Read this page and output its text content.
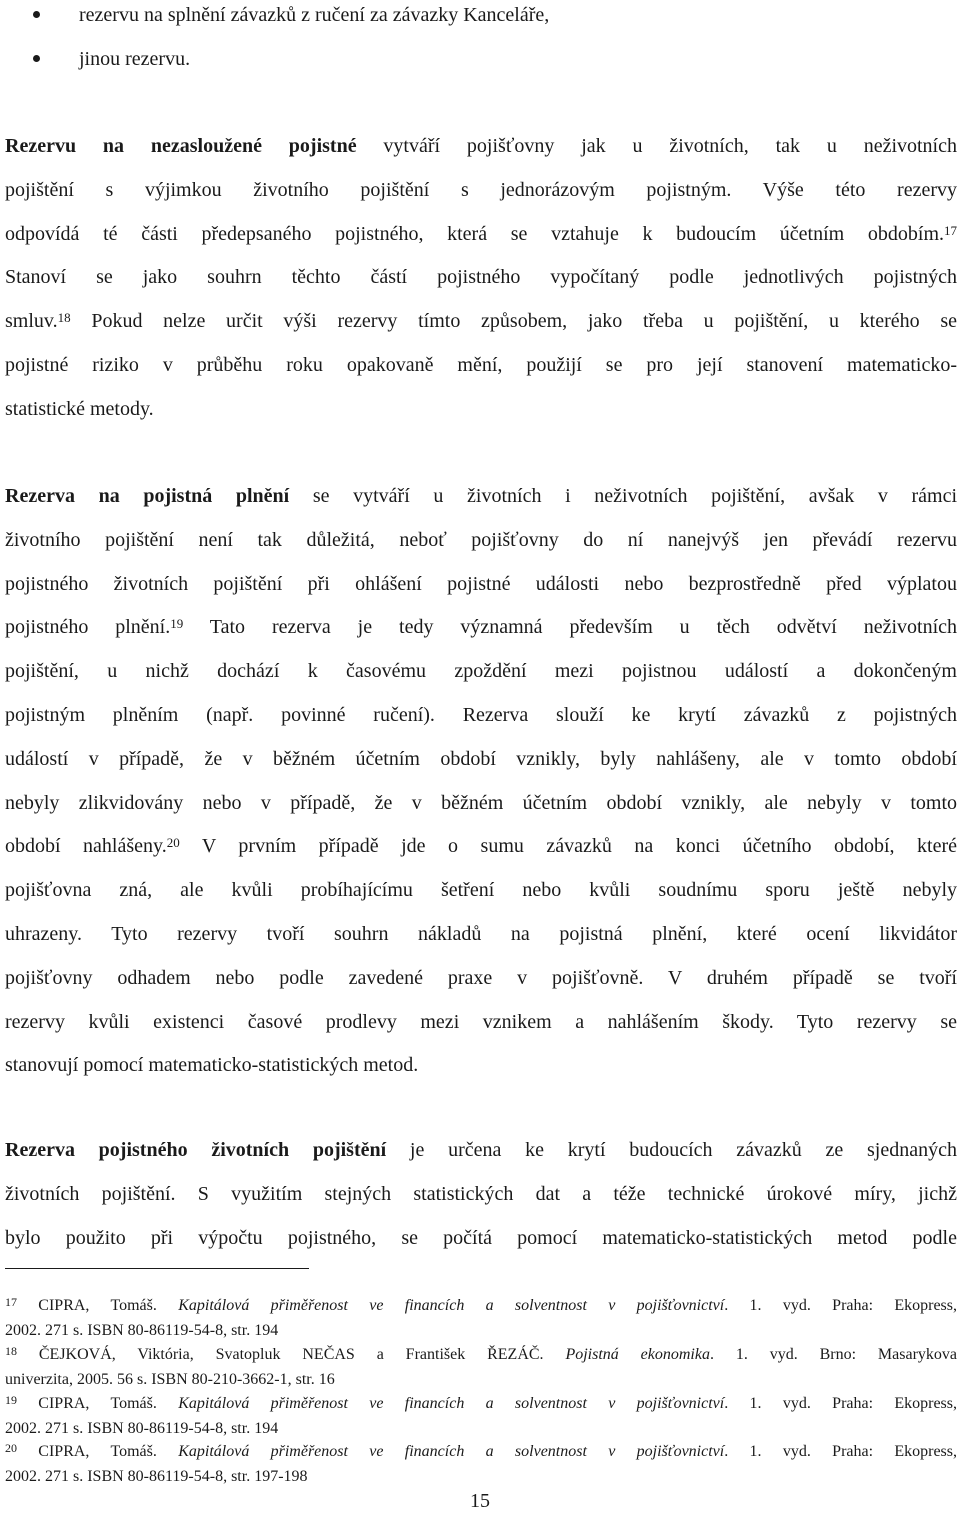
rezervu na splnění závazků z ručení za závazky Kanceláře,
jinou rezervu.
Rezervu na nezasloužené pojistné vytváří pojišťovny jak u životních, tak u neživotních
pojištění s výjimkou životního pojištění s jednorázovým pojistným. Výše této rezervy
odpovídá té části předepsaného pojistného, která se vztahuje k budoucím účetním obdobím.$^{17}$
Stanoví se jako souhrn těchto částí pojistného vypočítaný podle jednotlivých pojistných
smluv.$^{18}$ Pokud nelze určit výši rezervy tímto způsobem, jako třeba u pojištění, u kterého se
pojistné riziko v průběhu roku opakovaně mění, použijí se pro její stanovení matematicko-
statistické metody.
Rezerva na pojistná plnění se vytváří u životních i neživotních pojištění, avšak v rámci
životního pojištění není tak důležitá, neboť pojišťovny do ní nanejvýš jen převádí rezervu
pojistného životních pojištění při ohlášení pojistné události nebo bezprostředně před výplatou
pojistného plnění.$^{19}$ Tato rezerva je tedy významná především u těch odvětví neživotních
pojištění, u nichž dochází k časovému zpoždění mezi pojistnou událostí a dokončeným
pojistným plněním (např. povinné ručení). Rezerva slouží ke krytí závazků z pojistných
událostí v případě, že v běžném účetním období vznikly, byly nahlášeny, ale v tomto období
nebyly zlikvidovány nebo v případě, že v běžném účetním období vznikly, ale nebyly v tomto
období nahlášeny.$^{20}$ V prvním případě jde o sumu závazků na konci účetního období, které
pojišťovna zná, ale kvůli probíhajícímu šetření nebo kvůli soudnímu sporu ještě nebyly
uhrazeny. Tyto rezervy tvoří souhrn nákladů na pojistná plnění, které ocení likvidátor
pojišťovny odhadem nebo podle zavedené praxe v pojišťovně. V druhém případě se tvoří
rezervy kvůli existenci časové prodlevy mezi vznikem a nahlášením škody. Tyto rezervy se
stanovují pomocí matematicko-statistických metod.
Rezerva pojistného životních pojištění je určena ke krytí budoucích závazků ze sjednaných
životních pojištění. S využitím stejných statistických dat a téže technické úrokové míry, jichž
bylo použito při výpočtu pojistného, se počítá pomocí matematicko-statistických metod podle
$^{17}$ CIPRA, Tomáš. Kapitálová přiměřenost ve financích a solventnost v pojišťovnictví. 1. vyd. Praha: Ekopress,
2002. 271 s. ISBN 80-86119-54-8, str. 194
$^{18}$ ČEJKOVÁ, Viktória, Svatopluk NEČAS a František ŘEZÁČ. Pojistná ekonomika. 1. vyd. Brno: Masarykova
univerzita, 2005. 56 s. ISBN 80-210-3662-1, str. 16
$^{19}$ CIPRA, Tomáš. Kapitálová přiměřenost ve financích a solventnost v pojišťovnictví. 1. vyd. Praha: Ekopress,
2002. 271 s. ISBN 80-86119-54-8, str. 194
$^{20}$ CIPRA, Tomáš. Kapitálová přiměřenost ve financích a solventnost v pojišťovnictví. 1. vyd. Praha: Ekopress,
2002. 271 s. ISBN 80-86119-54-8, str. 197-198
15
